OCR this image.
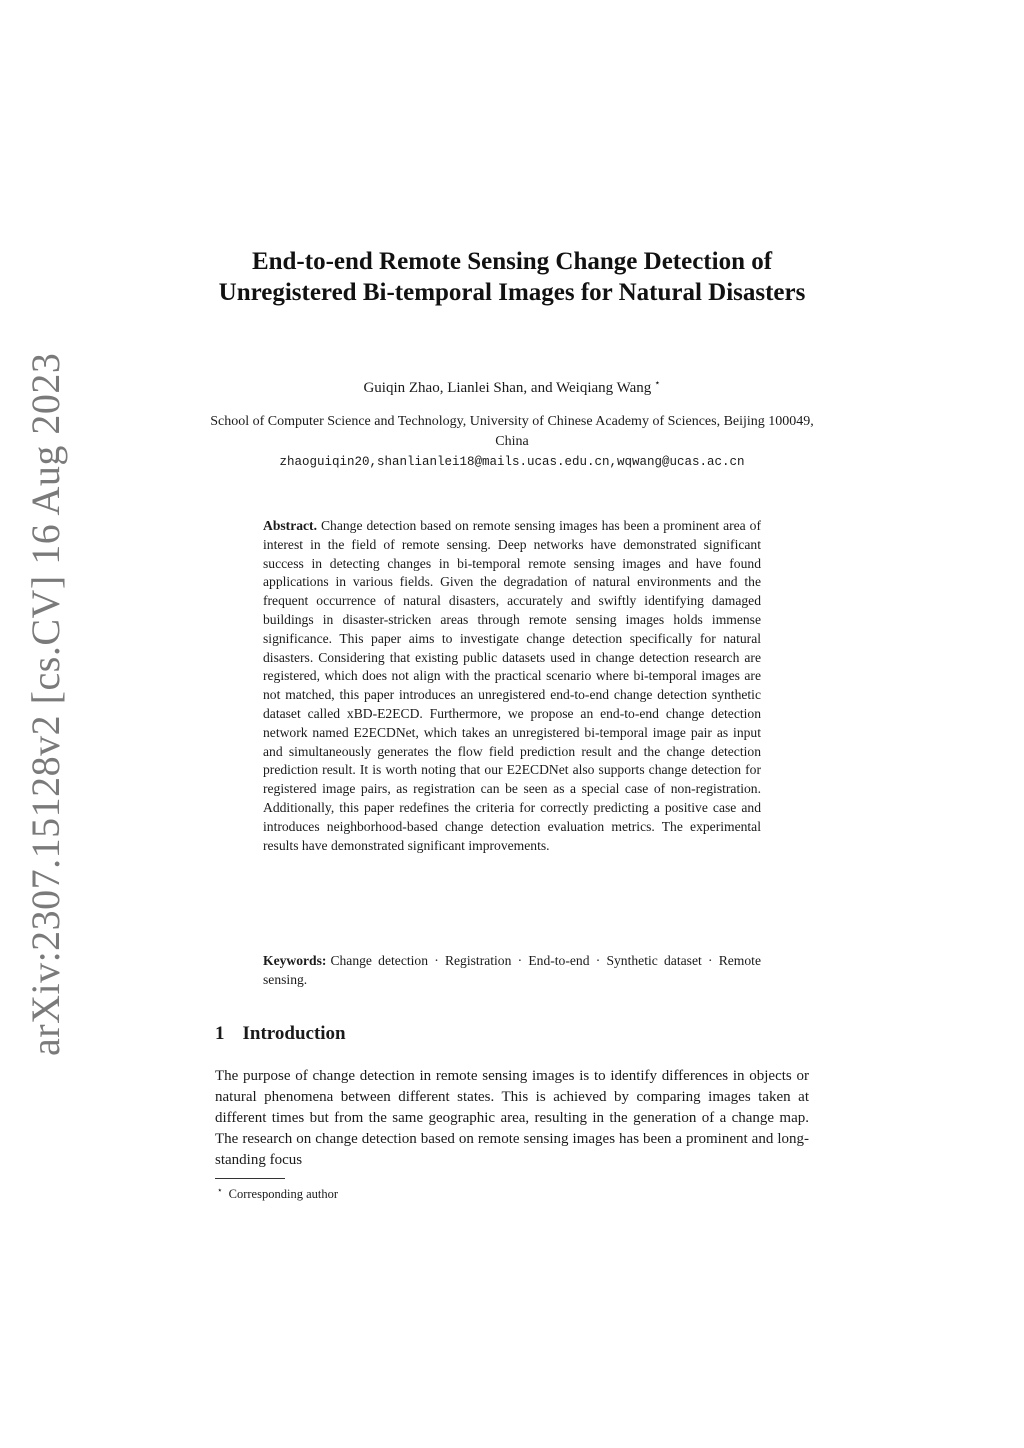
arXiv:2307.15128v2 [cs.CV] 16 Aug 2023
End-to-end Remote Sensing Change Detection of Unregistered Bi-temporal Images for Natural Disasters
Guiqin Zhao, Lianlei Shan, and Weiqiang Wang ⋆
School of Computer Science and Technology, University of Chinese Academy of Sciences, Beijing 100049, China
zhaoguiqin20,shanlianlei18@mails.ucas.edu.cn,wqwang@ucas.ac.cn
Abstract. Change detection based on remote sensing images has been a prominent area of interest in the field of remote sensing. Deep networks have demonstrated significant success in detecting changes in bi-temporal remote sensing images and have found applications in various fields. Given the degradation of natural environments and the frequent occurrence of natural disasters, accurately and swiftly identifying damaged buildings in disaster-stricken areas through remote sensing images holds immense significance. This paper aims to investigate change detection specifically for natural disasters. Considering that existing public datasets used in change detection research are registered, which does not align with the practical scenario where bi-temporal images are not matched, this paper introduces an unregistered end-to-end change detection synthetic dataset called xBD-E2ECD. Furthermore, we propose an end-to-end change detection network named E2ECDNet, which takes an unregistered bi-temporal image pair as input and simultaneously generates the flow field prediction result and the change detection prediction result. It is worth noting that our E2ECDNet also supports change detection for registered image pairs, as registration can be seen as a special case of non-registration. Additionally, this paper redefines the criteria for correctly predicting a positive case and introduces neighborhood-based change detection evaluation metrics. The experimental results have demonstrated significant improvements.
Keywords: Change detection · Registration · End-to-end · Synthetic dataset · Remote sensing.
1 Introduction

The purpose of change detection in remote sensing images is to identify differences in objects or natural phenomena between different states. This is achieved by comparing images taken at different times but from the same geographic area, resulting in the generation of a change map. The research on change detection based on remote sensing images has been a prominent and long-standing focus

⋆ Corresponding author
